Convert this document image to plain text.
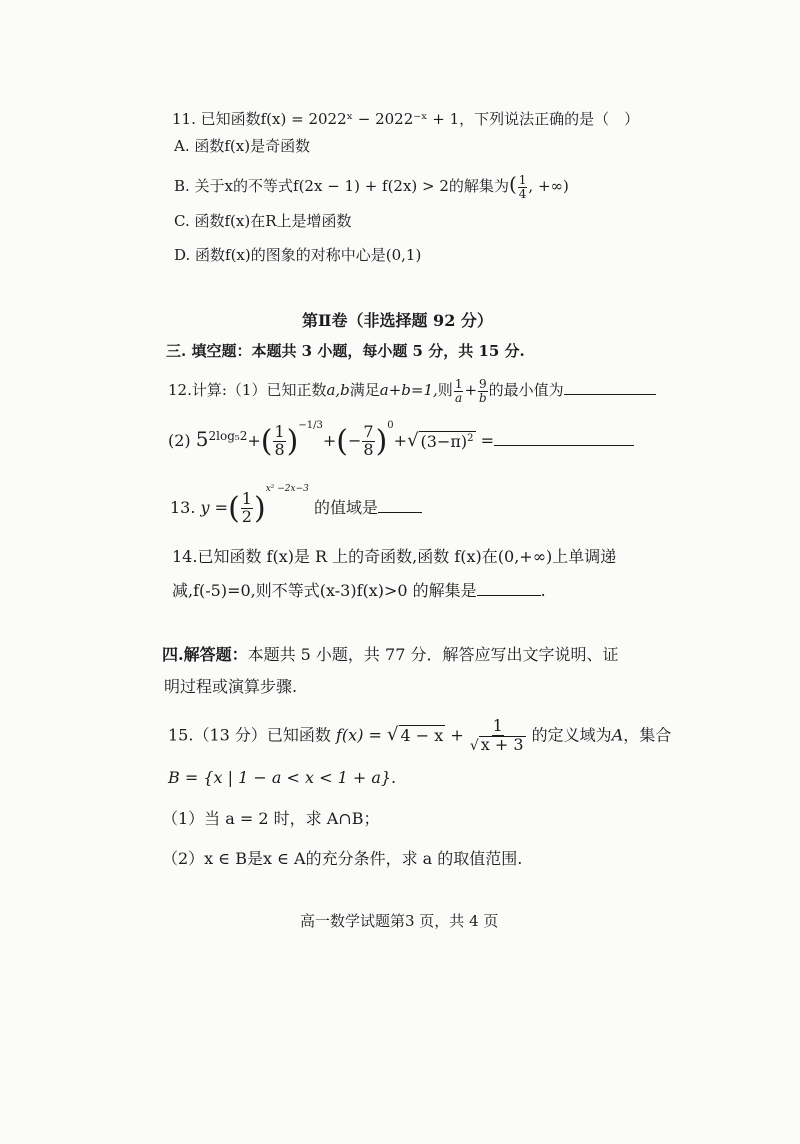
11. 已知函数f(x) = 2022ˣ − 2022⁻ˣ + 1，下列说法正确的是（　）
A. 函数f(x)是奇函数
B. 关于x的不等式f(2x − 1) + f(2x) > 2的解集为( $\frac{1}{4}$ , +∞)
C. 函数f(x)在R上是增函数
D. 函数f(x)的图象的对称中心是(0,1)
第Ⅱ卷（非选择题 92 分）
三. 填空题：本题共 3 小题，每小题 5 分，共 15 分.
12.计算:（1）已知正数a,b满足a+b=1,则 $\frac{1}{a} + \frac{9}{b}$ 的最小值为
(2) $5^{2log_52}+( \frac{1}{8} )^{-1/3}+(- \frac{7}{8} )^0+$ √ $(3-\pi)^2$ =
13. y =( $\frac{1}{2} )^{x^2 -2x-3}$ 的值域是
14.已知函数 f(x)是 R 上的奇函数,函数 f(x)在(0,+∞)上单调递
减,f(-5)=0,则不等式(x-3)f(x)>0 的解集是	.
四.解答题：本题共 5 小题，共 77 分．解答应写出文字说明、证
明过程或演算步骤.
15.（13 分）已知函数 f(x) = √ $4 - x + \frac{1}{√ x + 3}$ 的定义域为A，集合
B = {x | 1 − a < x < 1 + a}.
（1）当 a = 2 时，求 A∩B；
（2）x ∈ B是x ∈ A的充分条件，求 a 的取值范围.
高一数学试题第3 页，共 4 页
